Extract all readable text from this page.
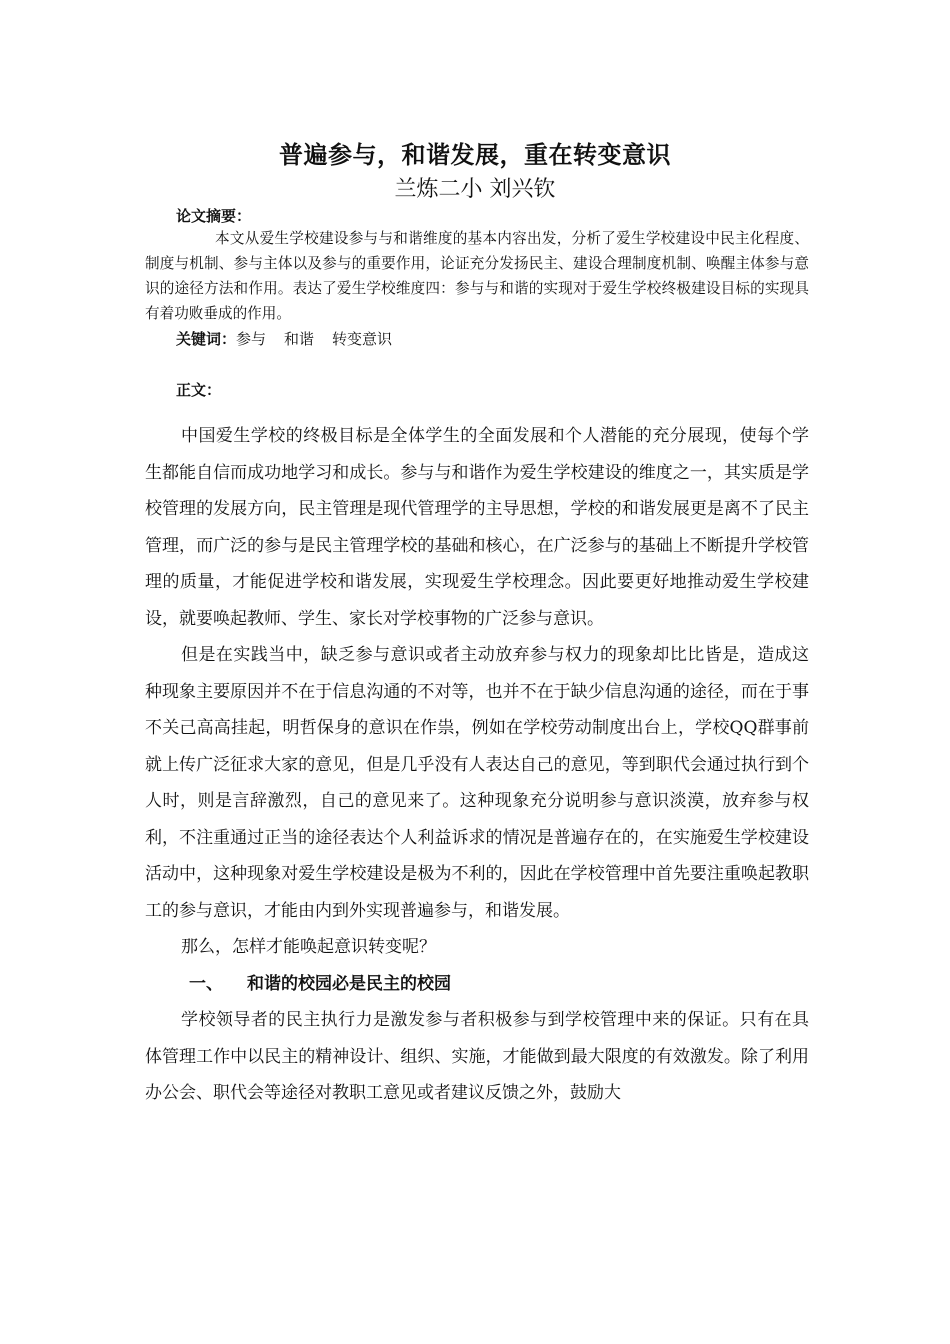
普遍参与，和谐发展，重在转变意识
兰炼二小 刘兴钦
论文摘要：
本文从爱生学校建设参与与和谐维度的基本内容出发，分析了爱生学校建设中民主化程度、制度与机制、参与主体以及参与的重要作用，论证充分发扬民主、建设合理制度机制、唤醒主体参与意识的途径方法和作用。表达了爱生学校维度四：参与与和谐的实现对于爱生学校终极建设目标的实现具有着功败垂成的作用。
关键词：参与 和谐 转变意识
正文：

中国爱生学校的终极目标是全体学生的全面发展和个人潜能的充分展现，使每个学生都能自信而成功地学习和成长。参与与和谐作为爱生学校建设的维度之一，其实质是学校管理的发展方向，民主管理是现代管理学的主导思想，学校的和谐发展更是离不了民主管理，而广泛的参与是民主管理学校的基础和核心，在广泛参与的基础上不断提升学校管理的质量，才能促进学校和谐发展，实现爱生学校理念。因此要更好地推动爱生学校建设，就要唤起教师、学生、家长对学校事物的广泛参与意识。

但是在实践当中，缺乏参与意识或者主动放弃参与权力的现象却比比皆是，造成这种现象主要原因并不在于信息沟通的不对等，也并不在于缺少信息沟通的途径，而在于事不关己高高挂起，明哲保身的意识在作祟，例如在学校劳动制度出台上，学校QQ群事前就上传广泛征求大家的意见，但是几乎没有人表达自己的意见，等到职代会通过执行到个人时，则是言辞激烈，自己的意见来了。这种现象充分说明参与意识淡漠，放弃参与权利，不注重通过正当的途径表达个人利益诉求的情况是普遍存在的，在实施爱生学校建设活动中，这种现象对爱生学校建设是极为不利的，因此在学校管理中首先要注重唤起教职工的参与意识，才能由内到外实现普遍参与，和谐发展。

那么，怎样才能唤起意识转变呢？

一、 和谐的校园必是民主的校园

学校领导者的民主执行力是激发参与者积极参与到学校管理中来的保证。只有在具体管理工作中以民主的精神设计、组织、实施，才能做到最大限度的有效激发。除了利用办公会、职代会等途径对教职工意见或者建议反馈之外，鼓励大
